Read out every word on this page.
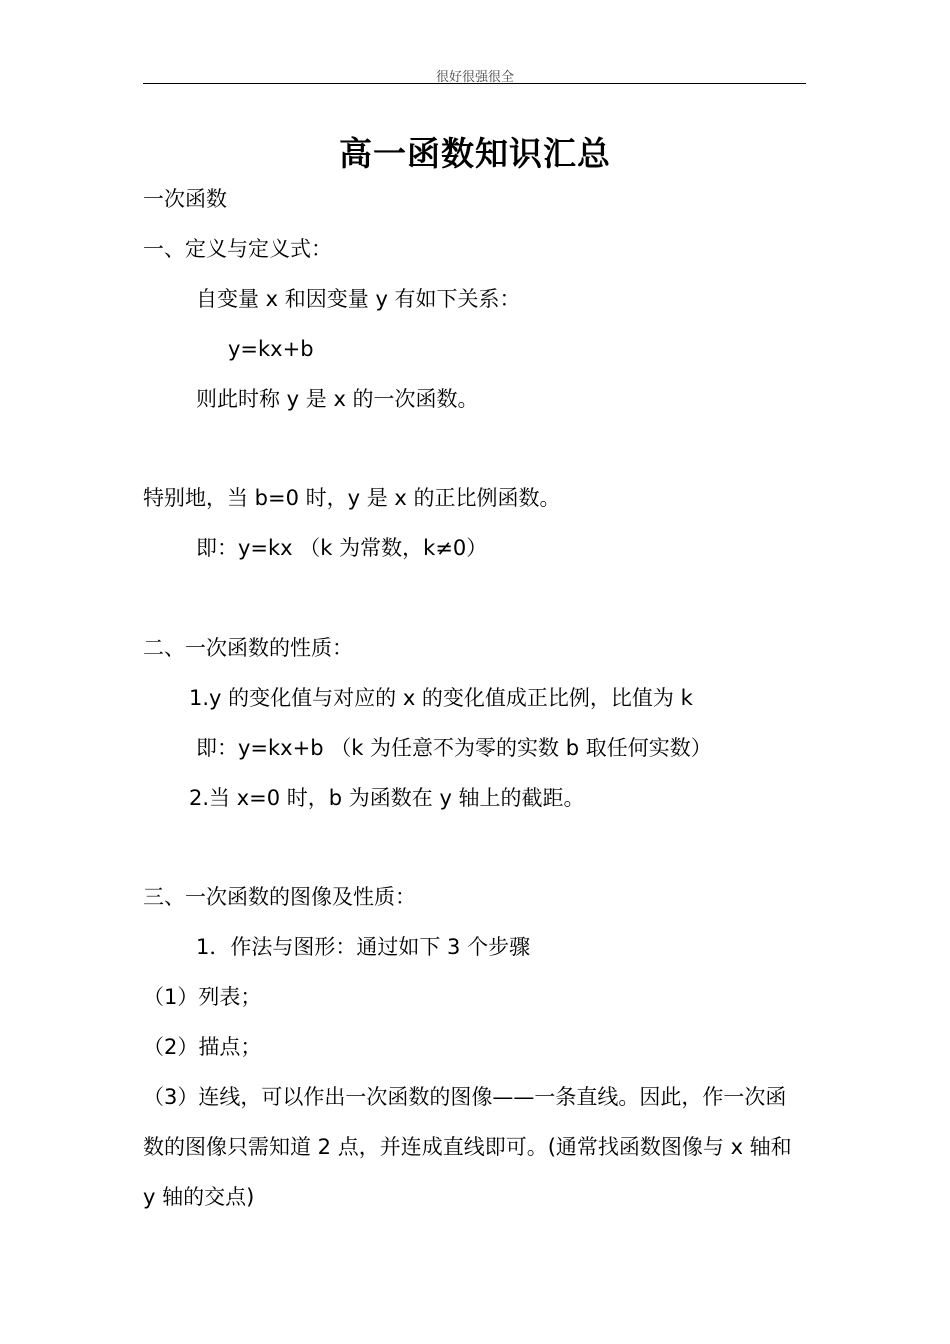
很好很强很全
高一函数知识汇总
一次函数
一、定义与定义式：
自变量 x 和因变量 y 有如下关系：
y=kx+b
则此时称 y 是 x 的一次函数。
特别地，当 b=0 时，y 是 x 的正比例函数。
即：y=kx （k 为常数，k≠0）
二、一次函数的性质：
1.y 的变化值与对应的 x 的变化值成正比例，比值为 k
即：y=kx+b （k 为任意不为零的实数 b 取任何实数）
2.当 x=0 时，b 为函数在 y 轴上的截距。
三、一次函数的图像及性质：
1．作法与图形：通过如下 3 个步骤
（1）列表；
（2）描点；
（3）连线，可以作出一次函数的图像——一条直线。因此，作一次函数的图像只需知道 2 点，并连成直线即可。(通常找函数图像与 x 轴和 y 轴的交点)
